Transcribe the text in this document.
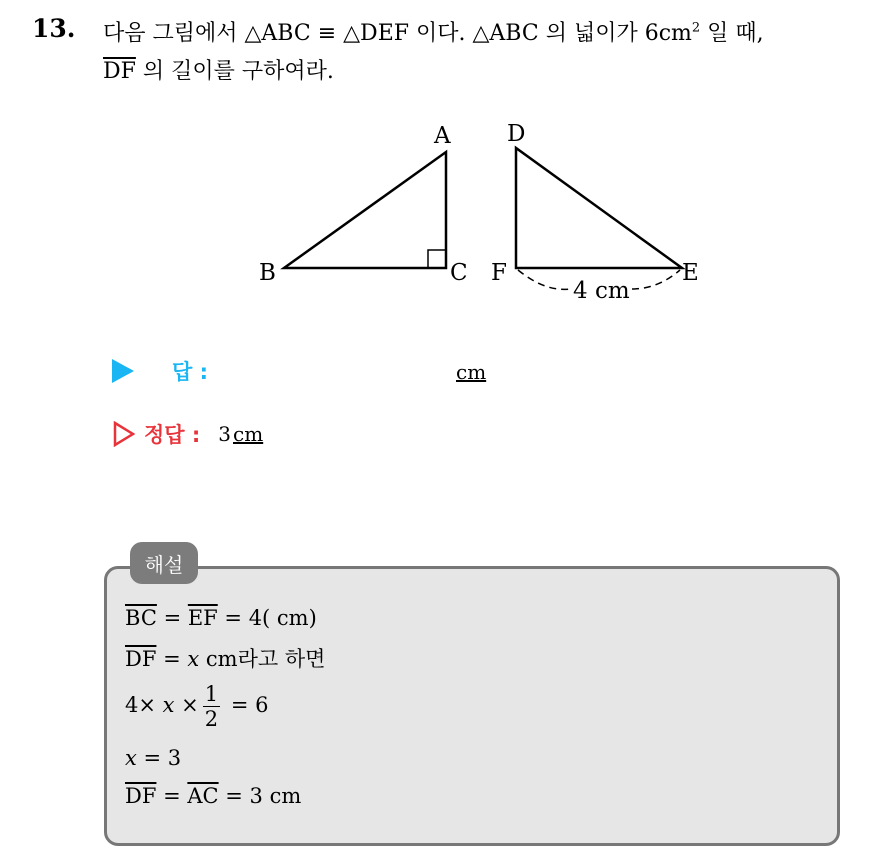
13. 다음 그림에서 △ABC ≡ △DEF 이다. △ABC 의 넓이가 $6cm^2$ 일 때,
$\overline{DF}$ 의 길이를 구하여라.
A
B	C
D
E
F
4 cm
답 :	cm
정답 : 3 cm
해설
$\overline{BC} = \overline{EF} = 4$( cm)
$\overline{DF} = x$ cm라고 하면
$4\times x \times \frac{1}{2} = 6$
x = 3
$\overline{DF} = \overline{AC} = 3$ cm
